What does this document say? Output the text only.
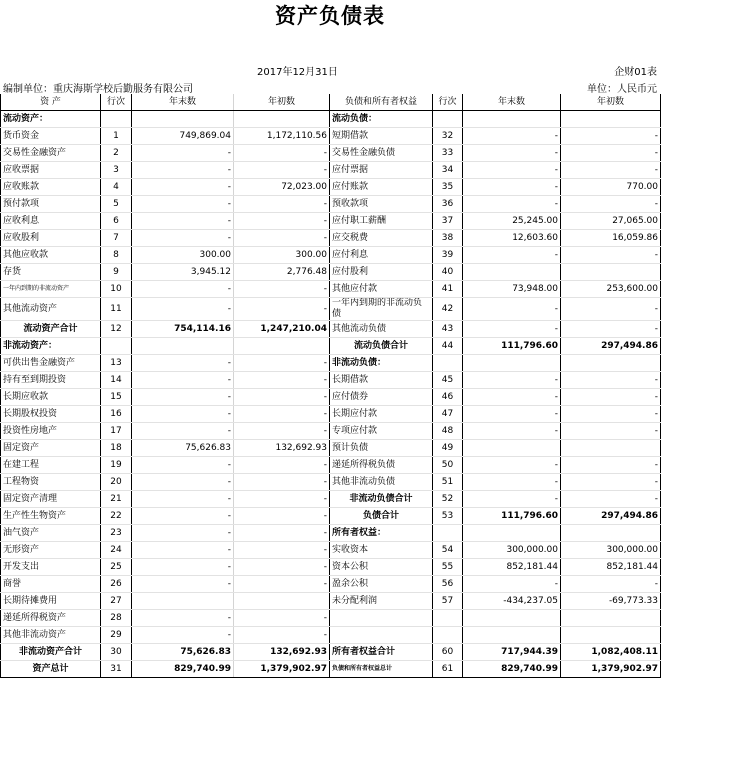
资产负债表
2017年12月31日	企财01表
编制单位：重庆海斯学校后勤服务有限公司	单位：人民币元
资 产	行次	年末数	年初数	负债和所有者权益	行次	年末数	年初数
流动资产：				流动负债：			
货币资金	1	749,869.04	1,172,110.56	短期借款	32	-	-
交易性金融资产	2	-	-	交易性金融负债	33	-	-
应收票据	3	-	-	应付票据	34	-	-
应收账款	4	-	72,023.00	应付账款	35	-	770.00
预付款项	5	-	-	预收款项	36	-	-
应收利息	6	-	-	应付职工薪酬	37	25,245.00	27,065.00
应收股利	7	-	-	应交税费	38	12,603.60	16,059.86
其他应收款	8	300.00	300.00	应付利息	39	-	-
存货	9	3,945.12	2,776.48	应付股利	40		
一年内到期的非流动资产	10	-	-	其他应付款	41	73,948.00	253,600.00
其他流动资产	11	-	-	一年内到期的非流动负债	42	-	-
流动资产合计	12	754,114.16	1,247,210.04	其他流动负债	43	-	-
非流动资产：				流动负债合计	44	111,796.60	297,494.86
可供出售金融资产	13	-	-	非流动负债：			
持有至到期投资	14	-	-	长期借款	45	-	-
长期应收款	15	-	-	应付债券	46	-	-
长期股权投资	16	-	-	长期应付款	47	-	-
投资性房地产	17	-	-	专项应付款	48	-	-
固定资产	18	75,626.83	132,692.93	预计负债	49		
在建工程	19	-	-	递延所得税负债	50	-	-
工程物资	20	-	-	其他非流动负债	51	-	-
固定资产清理	21	-	-	非流动负债合计	52	-	-
生产性生物资产	22	-	-	负债合计	53	111,796.60	297,494.86
油气资产	23	-	-	所有者权益：			
无形资产	24	-	-	实收资本	54	300,000.00	300,000.00
开发支出	25	-	-	资本公积	55	852,181.44	852,181.44
商誉	26	-	-	盈余公积	56	-	-
长期待摊费用	27			未分配利润	57	-434,237.05	-69,773.33
递延所得税资产	28	-	-				
其他非流动资产	29	-	-				
非流动资产合计	30	75,626.83	132,692.93	所有者权益合计	60	717,944.39	1,082,408.11
资产总计	31	829,740.99	1,379,902.97	负债和所有者权益总计	61	829,740.99	1,379,902.97
